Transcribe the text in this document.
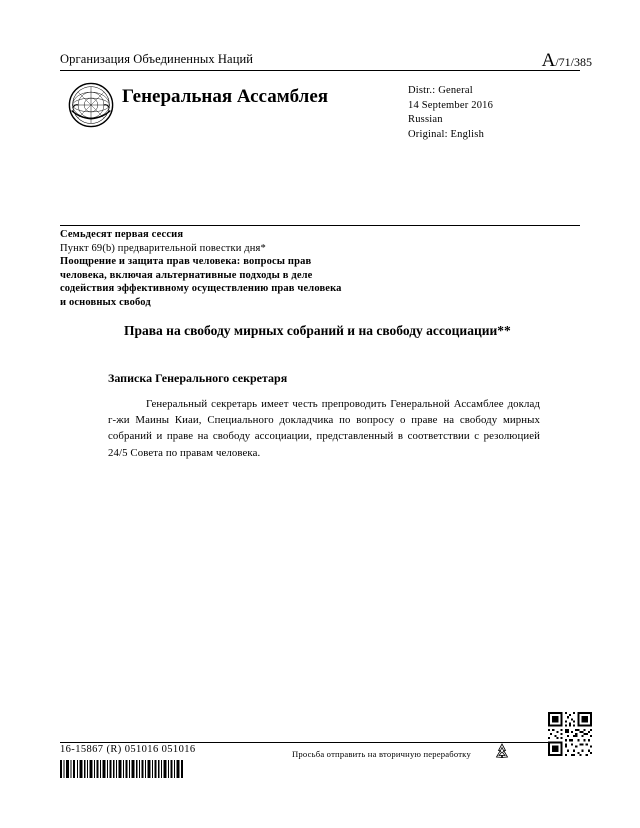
Организация Объединенных Наций	A/71/385
Генеральная Ассамблея	Distr.: General
14 September 2016
Russian
Original: English
Семьдесят первая сессия
Пункт 69(b) предварительной повестки дня*
Поощрение и защита прав человека: вопросы прав
человека, включая альтернативные подходы в деле
содействия эффективному осуществлению прав человека
и основных свобод
Права на свободу мирных собраний и на свободу ассоциации**
Записка Генерального секретаря
Генеральный секретарь имеет честь препроводить Генеральной Ассамблее доклад г-жи Маины Киаи, Специального докладчика по вопросу о праве на свободу мирных собраний и праве на свободу ассоциации, представленный в соответствии с резолюцией 24/5 Совета по правам человека.
16-15867 (R) 051016 051016	Просьба отправить на вторичную переработку
